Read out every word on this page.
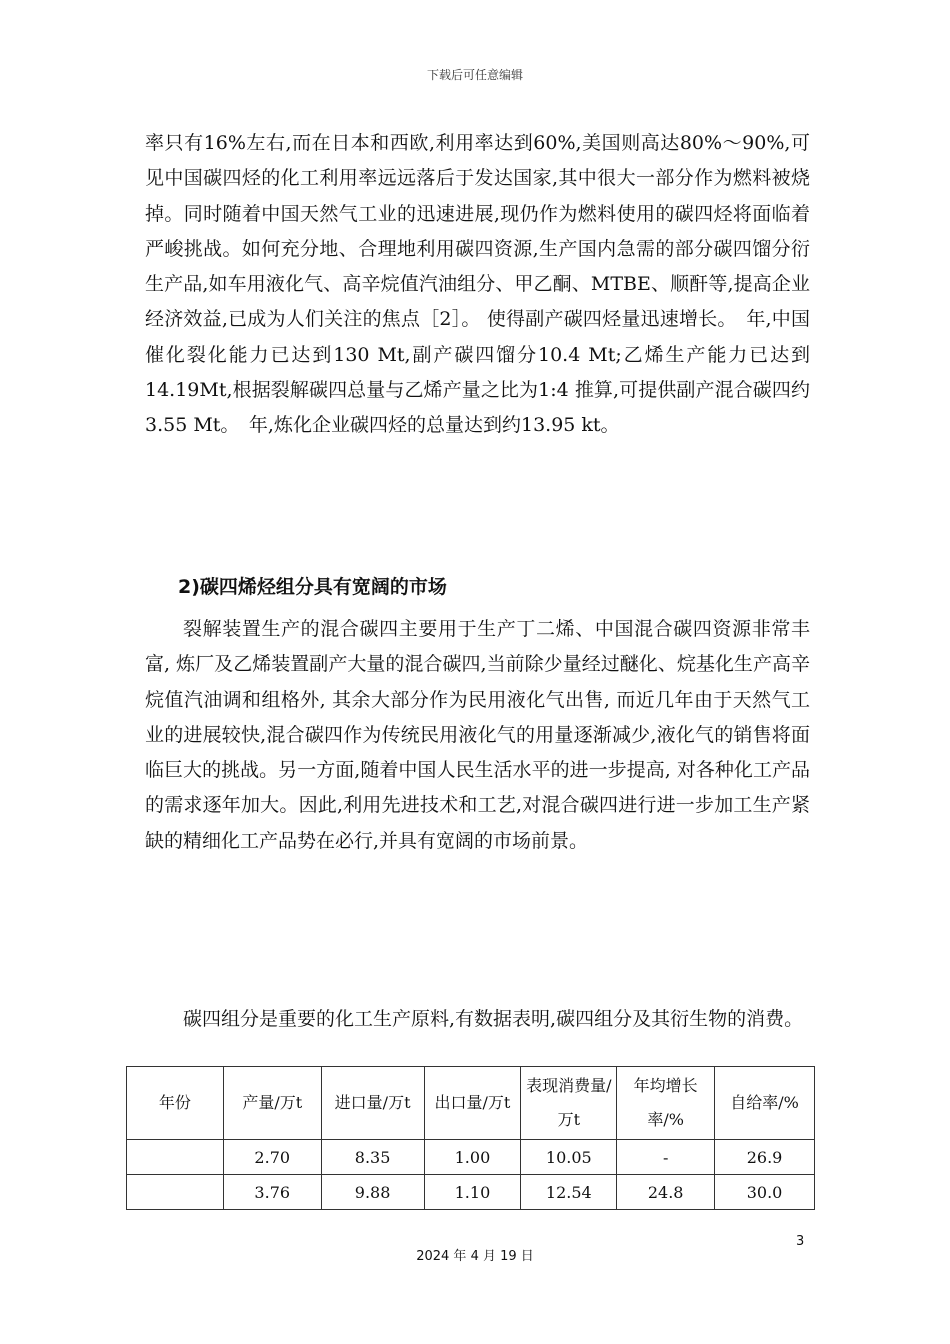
下载后可任意编辑

率只有16%左右,而在日本和西欧,利用率达到60%,美国则高达80%～90%,可见中国碳四烃的化工利用率远远落后于发达国家,其中很大一部分作为燃料被烧掉。同时随着中国天然气工业的迅速进展,现仍作为燃料使用的碳四烃将面临着严峻挑战。如何充分地、合理地利用碳四资源,生产国内急需的部分碳四馏分衍生产品,如车用液化气、高辛烷值汽油组分、甲乙酮、MTBE、顺酐等,提高企业经济效益,已成为人们关注的焦点［2］。 使得副产碳四烃量迅速增长。　年,中国催化裂化能力已达到130 Mt,副产碳四馏分10.4 Mt;乙烯生产能力已达到14.19Mt,根据裂解碳四总量与乙烯产量之比为1:4 推算,可提供副产混合碳四约3.55 Mt。　年,炼化企业碳四烃的总量达到约13.95 kt。

2)碳四烯烃组分具有宽阔的市场

裂解装置生产的混合碳四主要用于生产丁二烯、中国混合碳四资源非常丰富, 炼厂及乙烯装置副产大量的混合碳四,当前除少量经过醚化、烷基化生产高辛烷值汽油调和组格外, 其余大部分作为民用液化气出售, 而近几年由于天然气工业的进展较快,混合碳四作为传统民用液化气的用量逐渐减少,液化气的销售将面临巨大的挑战。另一方面,随着中国人民生活水平的进一步提高, 对各种化工产品的需求逐年加大。因此,利用先进技术和工艺,对混合碳四进行进一步加工生产紧缺的精细化工产品势在必行,并具有宽阔的市场前景。

碳四组分是重要的化工生产原料,有数据表明,碳四组分及其衍生物的消费。

年份	产量/万t	进口量/万t	出口量/万t	表现消费量/万t	年均增长率/%	自给率/%
	2.70	8.35	1.00	10.05	-	26.9
	3.76	9.88	1.10	12.54	24.8	30.0
3
2024 年 4 月 19 日
